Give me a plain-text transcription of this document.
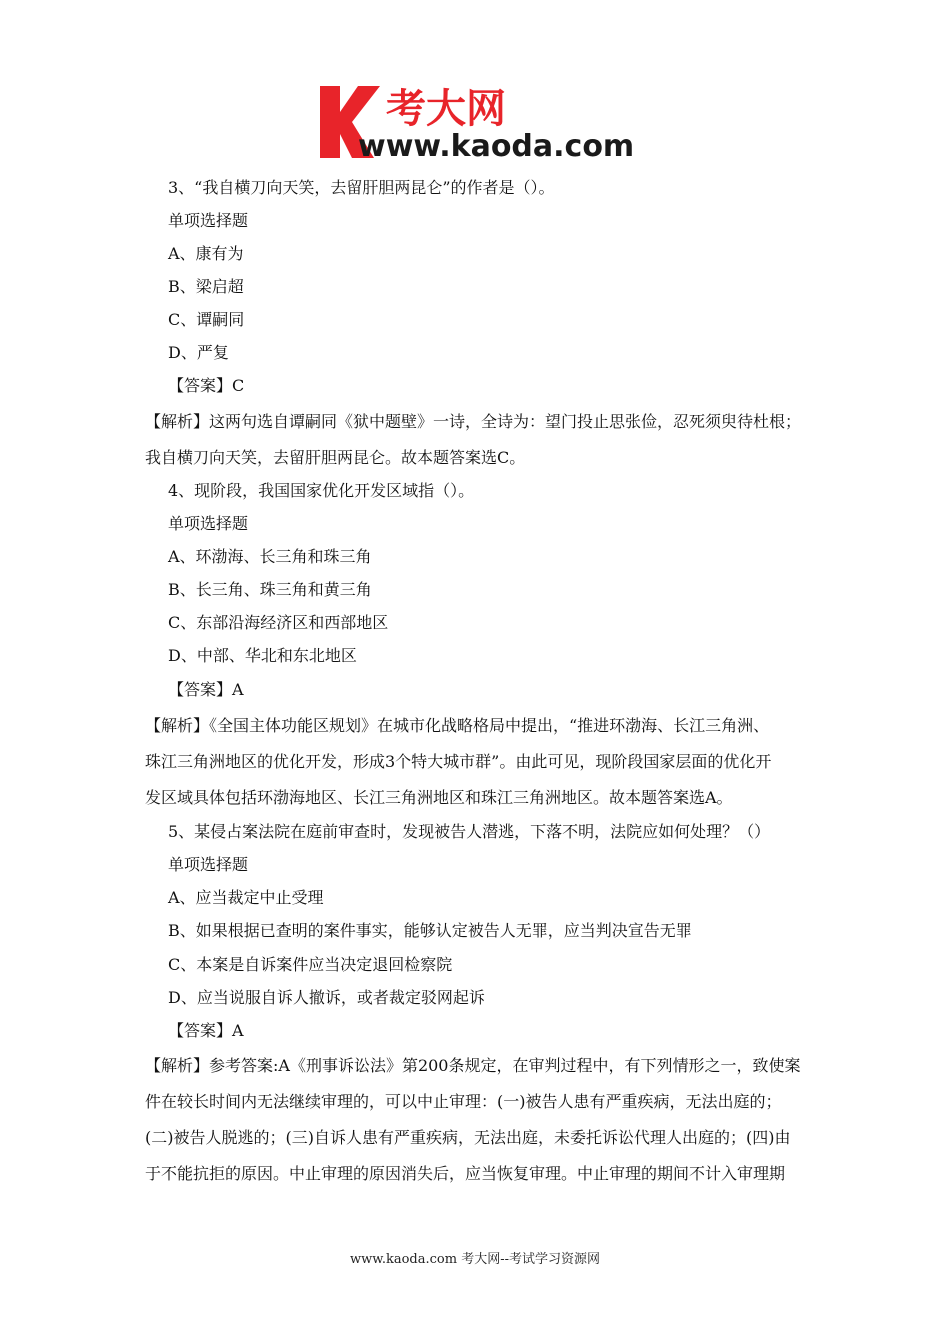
考大网
www.kaoda.com
3、“我自横刀向天笑，去留肝胆两昆仑”的作者是（）。
单项选择题
A、康有为
B、梁启超
C、谭嗣同
D、严复
【答案】C
【解析】这两句选自谭嗣同《狱中题壁》一诗，全诗为：望门投止思张俭，忍死须臾待杜根；
我自横刀向天笑，去留肝胆两昆仑。故本题答案选C。
4、现阶段，我国国家优化开发区域指（）。
单项选择题
A、环渤海、长三角和珠三角
B、长三角、珠三角和黄三角
C、东部沿海经济区和西部地区
D、中部、华北和东北地区
【答案】A
【解析】《全国主体功能区规划》在城市化战略格局中提出，“推进环渤海、长江三角洲、
珠江三角洲地区的优化开发，形成3个特大城市群”。由此可见，现阶段国家层面的优化开
发区域具体包括环渤海地区、长江三角洲地区和珠江三角洲地区。故本题答案选A。
5、某侵占案法院在庭前审查时，发现被告人潜逃，下落不明，法院应如何处理？（）
单项选择题
A、应当裁定中止受理
B、如果根据已查明的案件事实，能够认定被告人无罪，应当判决宣告无罪
C、本案是自诉案件应当决定退回检察院
D、应当说服自诉人撤诉，或者裁定驳网起诉
【答案】A
【解析】参考答案:A《刑事诉讼法》第200条规定，在审判过程中，有下列情形之一，致使案
件在较长时间内无法继续审理的，可以中止审理：(一)被告人患有严重疾病，无法出庭的；
(二)被告人脱逃的；(三)自诉人患有严重疾病，无法出庭，未委托诉讼代理人出庭的；(四)由
于不能抗拒的原因。中止审理的原因消失后，应当恢复审理。中止审理的期间不计入审理期
www.kaoda.com 考大网--考试学习资源网
